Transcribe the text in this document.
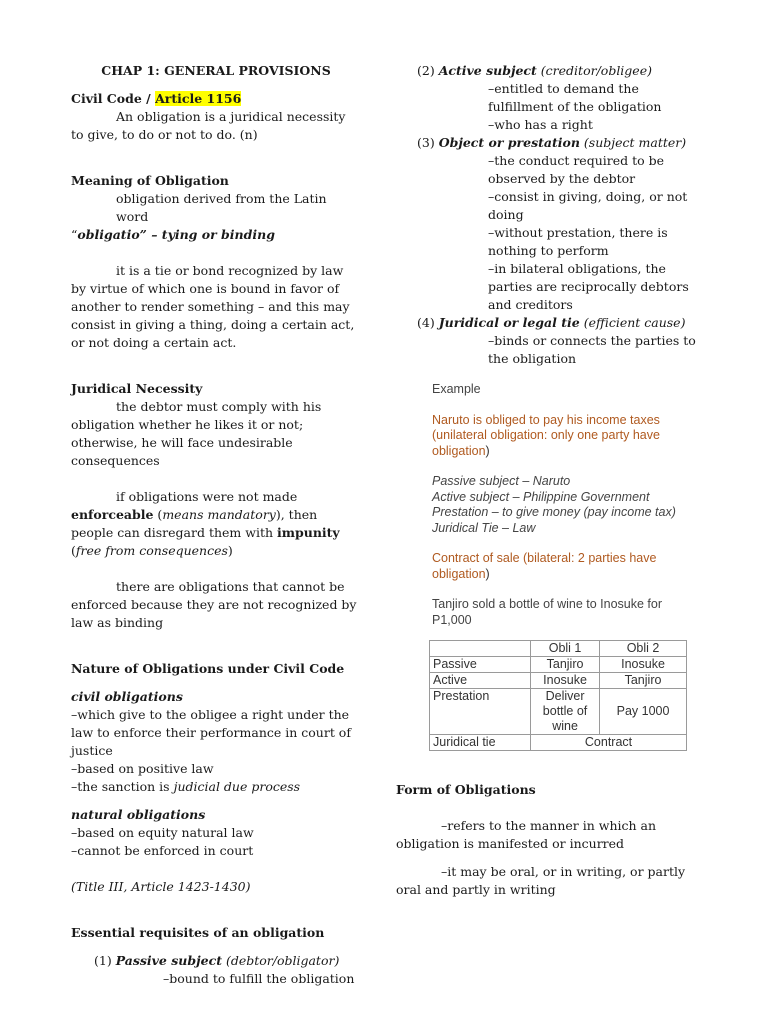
CHAP 1: GENERAL PROVISIONS

Civil Code / Article 1156

An obligation is a juridical necessity to give, to do or not to do. (n)

Meaning of Obligation

obligation derived from the Latin word

“obligatio” – tying or binding

it is a tie or bond recognized by law by virtue of which one is bound in favor of another to render something – and this may consist in giving a thing, doing a certain act, or not doing a certain act.

Juridical Necessity

the debtor must comply with his obligation whether he likes it or not; otherwise, he will face undesirable consequences

if obligations were not made enforceable (means mandatory), then people can disregard them with impunity (free from consequences)

there are obligations that cannot be enforced because they are not recognized by law as binding

Nature of Obligations under Civil Code

civil obligations

–which give to the obligee a right under the law to enforce their performance in court of justice

–based on positive law

–the sanction is judicial due process

natural obligations

–based on equity natural law

–cannot be enforced in court

(Title III, Article 1423-1430)

Essential requisites of an obligation

(1) Passive subject (debtor/obligator)

–bound to fulfill the obligation

(2) Active subject (creditor/obligee)

–entitled to demand the fulfillment of the obligation

–who has a right

(3) Object or prestation (subject matter)

–the conduct required to be observed by the debtor

–consist in giving, doing, or not doing

–without prestation, there is nothing to perform

–in bilateral obligations, the parties are reciprocally debtors and creditors

(4) Juridical or legal tie (efficient cause)

–binds or connects the parties to the obligation

Example

Naruto is obliged to pay his income taxes (unilateral obligation: only one party have obligation)

Passive subject – Naruto

Active subject – Philippine Government

Prestation – to give money (pay income tax)

Juridical Tie – Law

Contract of sale (bilateral: 2 parties have obligation)

Tanjiro sold a bottle of wine to Inosuke for P1,000

	Obli 1	Obli 2
Passive	Tanjiro	Inosuke
Active	Inosuke	Tanjiro
Prestation	Deliver bottle of wine	Pay 1000
Juridical tie	Contract	
Form of Obligations

–refers to the manner in which an obligation is manifested or incurred

–it may be oral, or in writing, or partly oral and partly in writing
